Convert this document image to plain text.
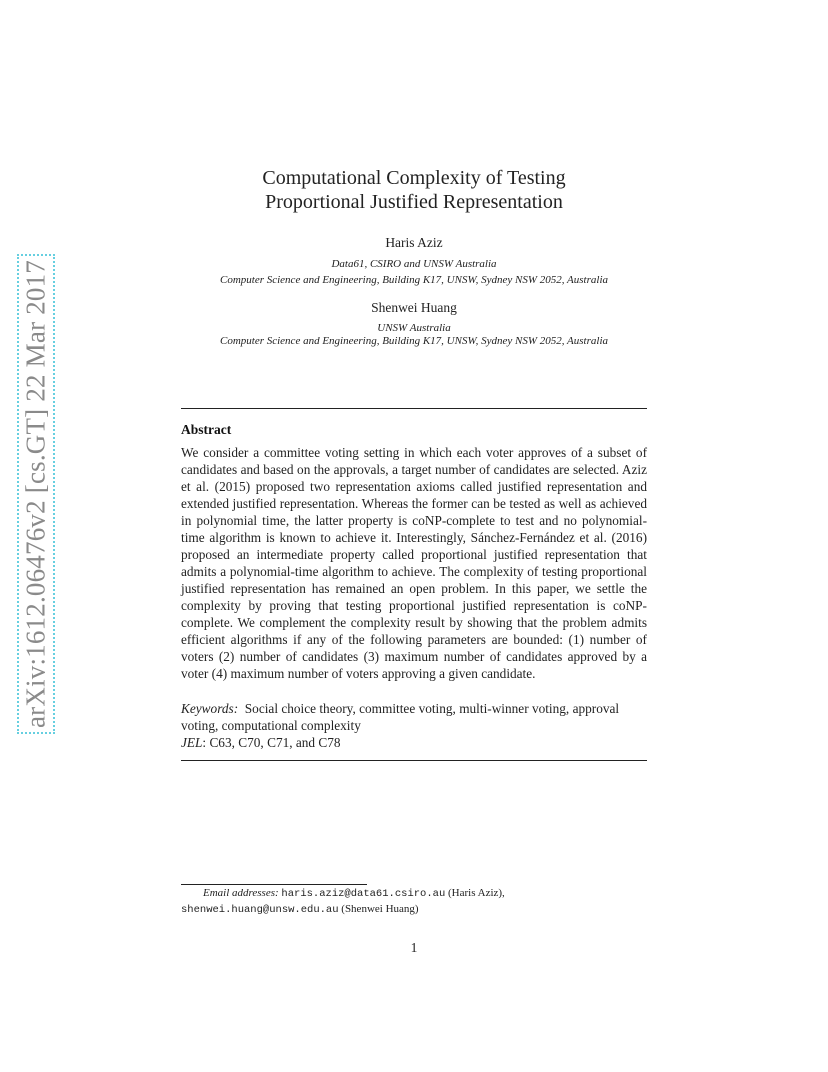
arXiv:1612.06476v2 [cs.GT] 22 Mar 2017
Computational Complexity of Testing
Proportional Justified Representation
Haris Aziz
Data61, CSIRO and UNSW Australia
Computer Science and Engineering, Building K17, UNSW, Sydney NSW 2052, Australia
Shenwei Huang
UNSW Australia
Computer Science and Engineering, Building K17, UNSW, Sydney NSW 2052, Australia
Abstract

We consider a committee voting setting in which each voter approves of a subset of candidates and based on the approvals, a target number of candidates are selected. Aziz et al. (2015) proposed two representation axioms called justified representation and extended justified representation. Whereas the former can be tested as well as achieved in polynomial time, the latter property is coNP-complete to test and no polynomial-time algorithm is known to achieve it. Interestingly, Sánchez-Fernández et al. (2016) proposed an intermediate property called proportional justified representation that admits a polynomial-time algorithm to achieve. The complexity of testing proportional justified representation has remained an open problem. In this paper, we settle the complexity by proving that testing proportional justified representation is coNP-complete. We complement the complexity result by showing that the problem admits efficient algorithms if any of the following parameters are bounded: (1) number of voters (2) number of candidates (3) maximum number of candidates approved by a voter (4) maximum number of voters approving a given candidate.

Keywords: Social choice theory, committee voting, multi-winner voting, approval voting, computational complexity
JEL: C63, C70, C71, and C78
Email addresses: haris.aziz@data61.csiro.au (Haris Aziz),
shenwei.huang@unsw.edu.au (Shenwei Huang)
1
